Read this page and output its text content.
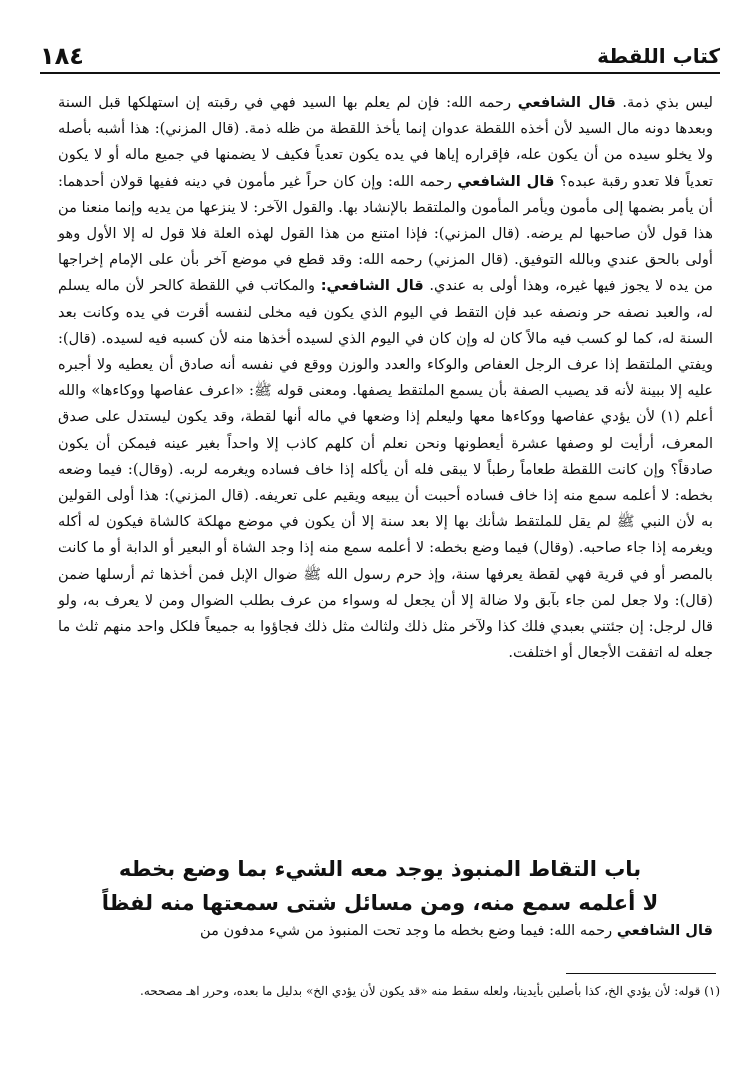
١٨٤	كتاب اللقطة
ليس بذي ذمة. قال الشافعي رحمه الله: فإن لم يعلم بها السيد فهي في رقبته إن استهلكها قبل السنة وبعدها دونه مال السيد لأن أخذه اللقطة عدوان إنما يأخذ اللقطة من ظله ذمة. (قال المزني): هذا أشبه بأصله ولا يخلو سيده من أن يكون عله، فإقراره إياها في يده يكون تعدياً فكيف لا يضمنها في جميع ماله أو لا يكون تعدياً فلا تعدو رقبة عبده؟ قال الشافعي رحمه الله: وإن كان حراً غير مأمون في دينه ففيها قولان أحدهما: أن يأمر بضمها إلى مأمون ويأمر المأمون والملتقط بالإنشاد بها. والقول الآخر: لا ينزعها من يديه وإنما منعنا من هذا قول لأن صاحبها لم يرضه. (قال المزني): فإذا امتنع من هذا القول لهذه العلة فلا قول له إلا الأول وهو أولى بالحق عندي وبالله التوفيق. (قال المزني) رحمه الله: وقد قطع في موضع آخر بأن على الإمام إخراجها من يده لا يجوز فيها غيره، وهذا أولى به عندي. قال الشافعي: والمكاتب في اللقطة كالحر لأن ماله يسلم له، والعبد نصفه حر ونصفه عبد فإن التقط في اليوم الذي يكون فيه مخلى لنفسه أقرت في يده وكانت بعد السنة له، كما لو كسب فيه مالاً كان له وإن كان في اليوم الذي لسيده أخذها منه لأن كسبه فيه لسيده. (قال): ويفتي الملتقط إذا عرف الرجل العفاص والوكاء والعدد والوزن ووقع في نفسه أنه صادق أن يعطيه ولا أجبره عليه إلا ببينة لأنه قد يصيب الصفة بأن يسمع الملتقط يصفها. ومعنى قوله ﷺ: «اعرف عفاصها ووكاءها» والله أعلم (١) لأن يؤدي عفاصها ووكاءها معها وليعلم إذا وضعها في ماله أنها لقطة، وقد يكون ليستدل على صدق المعرف، أرأيت لو وصفها عشرة أيعطونها ونحن نعلم أن كلهم كاذب إلا واحداً بغير عينه فيمكن أن يكون صادقاً؟ وإن كانت اللقطة طعاماً رطباً لا يبقى فله أن يأكله إذا خاف فساده ويغرمه لربه. (وقال): فيما وضعه بخطه: لا أعلمه سمع منه إذا خاف فساده أحببت أن يبيعه ويقيم على تعريفه. (قال المزني): هذا أولى القولين به لأن النبي ﷺ لم يقل للملتقط شأنك بها إلا بعد سنة إلا أن يكون في موضع مهلكة كالشاة فيكون له أكله ويغرمه إذا جاء صاحبه. (وقال) فيما وضع بخطه: لا أعلمه سمع منه إذا وجد الشاة أو البعير أو الدابة أو ما كانت بالمصر أو في قرية فهي لقطة يعرفها سنة، وإذ حرم رسول الله ﷺ ضوال الإبل فمن أخذها ثم أرسلها ضمن (قال): ولا جعل لمن جاء بآبق ولا ضالة إلا أن يجعل له وسواء من عرف بطلب الضوال ومن لا يعرف به، ولو قال لرجل: إن جئتني بعبدي فلك كذا ولآخر مثل ذلك ولثالث مثل ذلك فجاؤوا به جميعاً فلكل واحد منهم ثلث ما جعله له اتفقت الأجعال أو اختلفت.
باب التقاط المنبوذ يوجد معه الشيء بما وضع بخطه
لا أعلمه سمع منه، ومن مسائل شتى سمعتها منه لفظاً
قال الشافعي رحمه الله: فيما وضع بخطه ما وجد تحت المنبوذ من شيء مدفون من
(١) قوله: لأن يؤدي الخ، كذا بأصلين بأيدينا، ولعله سقط منه «قد يكون لأن يؤدي الخ» بدليل ما بعده، وحرر اهـ مصححه.
